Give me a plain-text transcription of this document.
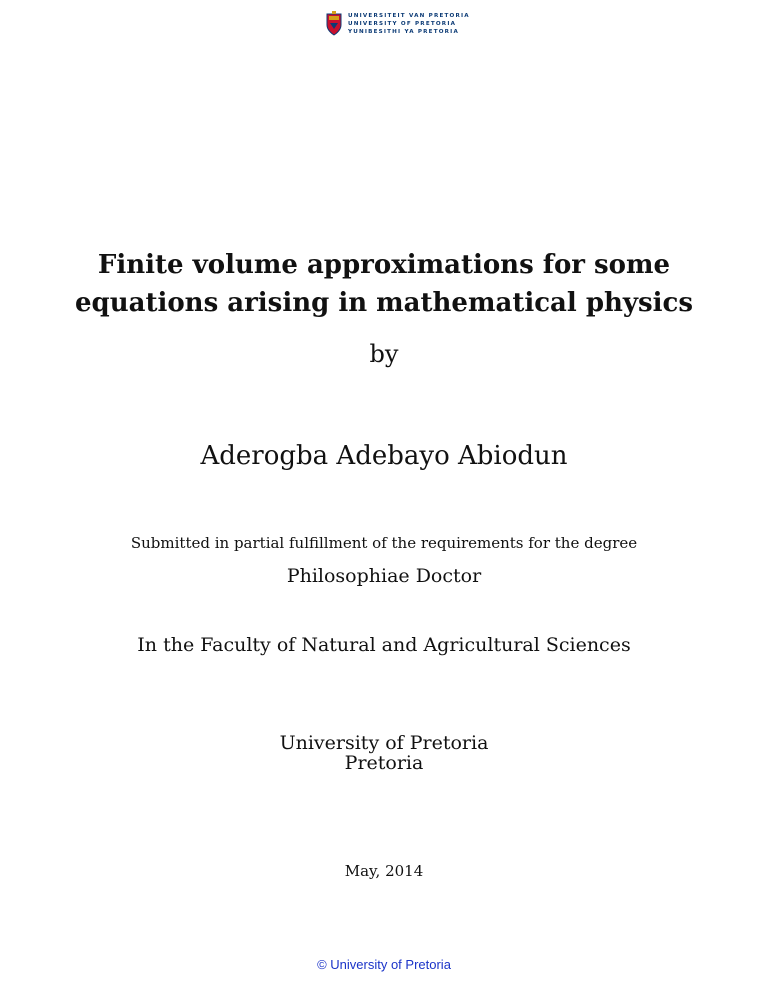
UNIVERSITEIT VAN PRETORIA
UNIVERSITY OF PRETORIA
YUNIBESITHI YA PRETORIA
Finite volume approximations for some
equations arising in mathematical physics
by
Aderogba Adebayo Abiodun
Submitted in partial fulfillment of the requirements for the degree
Philosophiae Doctor
In the Faculty of Natural and Agricultural Sciences
University of Pretoria
Pretoria
May, 2014
© University of Pretoria
